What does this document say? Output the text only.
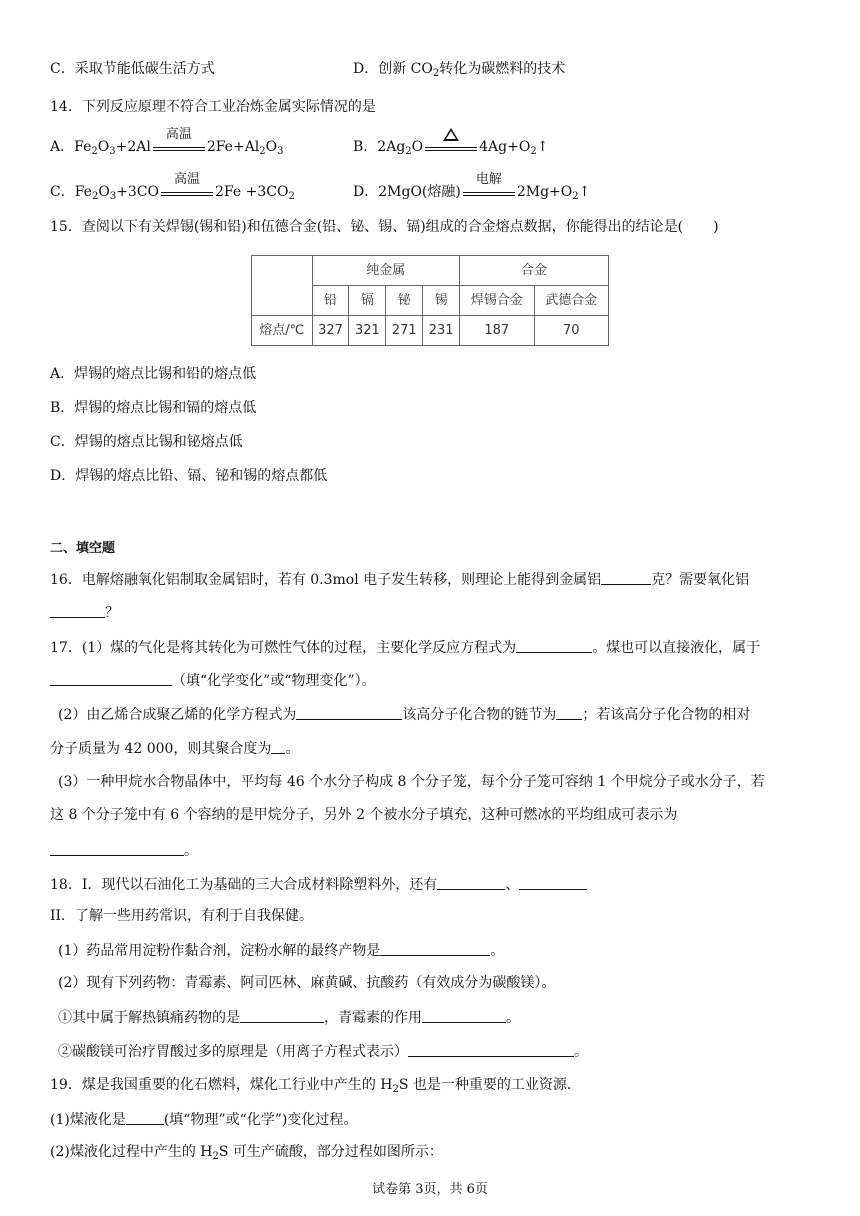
C．采取节能低碳生活方式	D．创新 $CO_2$转化为碳燃料的技术
14．下列反应原理不符合工业冶炼金属实际情况的是
A．$Fe_2O_3+2Al$
高温
$2Fe+Al_2O_3$	B．$2Ag_2O$	$4Ag+O_2↑$
C．$Fe_2O_3+3CO$
高温
$2Fe +3CO_2$	D．2MgO(熔融)
电解
$2Mg+O_2↑$
15．查阅以下有关焊锡(锡和铅)和伍德合金(铅、铋、锡、镉)组成的合金熔点数据，你能得出的结论是( )
	纯金属				合金	
	铅	镉	铋	锡	焊锡合金	武德合金
熔点/℃	327	321	271	231	187	70
A．焊锡的熔点比锡和铅的熔点低
B．焊锡的熔点比锡和镉的熔点低
C．焊锡的熔点比锡和铋熔点低
D．焊锡的熔点比铅、镉、铋和锡的熔点都低
二、填空题
16．电解熔融氧化铝制取金属铝时，若有 0.3mol 电子发生转移，则理论上能得到金属铝	克？需要氧化铝
？
17．(1）煤的气化是将其转化为可燃性气体的过程，主要化学反应方程式为	。煤也可以直接液化，属于
（填“化学变化”或“物理变化”）。
(2）由乙烯合成聚乙烯的化学方程式为	该高分子化合物的链节为 ；若该高分子化合物的相对
分子质量为 42 000，则其聚合度为 。
(3）一种甲烷水合物晶体中，平均每 46 个水分子构成 8 个分子笼，每个分子笼可容纳 1 个甲烷分子或水分子，若
这 8 个分子笼中有 6 个容纳的是甲烷分子，另外 2 个被水分子填充，这种可燃冰的平均组成可表示为
。
18．I．现代以石油化工为基础的三大合成材料除塑料外，还有	、
II．了解一些用药常识，有利于自我保健。
(1）药品常用淀粉作黏合剂，淀粉水解的最终产物是	。
(2）现有下列药物：青霉素、阿司匹林、麻黄碱、抗酸药（有效成分为碳酸镁）。
①其中属于解热镇痛药物的是	，青霉素的作用	。
②碳酸镁可治疗胃酸过多的原理是（用离子方程式表示）	。
19．煤是我国重要的化石燃料，煤化工行业中产生的 $H_2S$ 也是一种重要的工业资源．
(1)煤液化是	(填“物理”或“化学”)变化过程。
(2)煤液化过程中产生的 $H_2S$ 可生产硫酸，部分过程如图所示：
试卷第 3页，共 6页
